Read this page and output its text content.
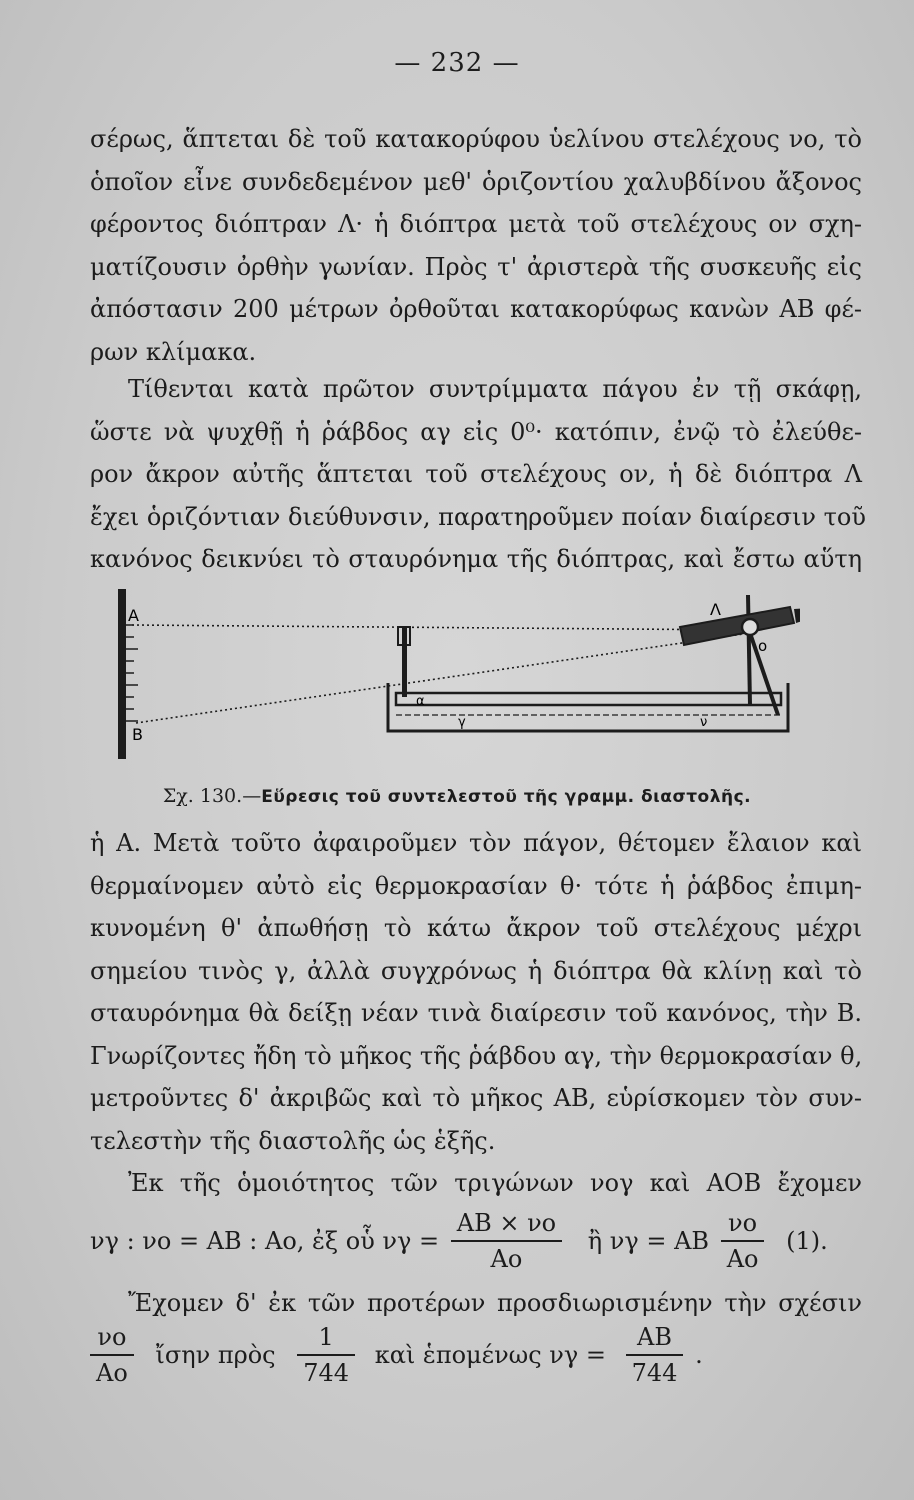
— 232 —
σέρως, ἅπτεται δὲ τοῦ κατακορύφου ὑελίνου στελέχους νο, τὸ
ὁποῖον εἶνε συνδεδεμένον μεθ' ὁριζοντίου χαλυβδίνου ἄξονος
φέροντος διόπτραν Λ· ἡ διόπτρα μετὰ τοῦ στελέχους ον σχη-
ματίζουσιν ὀρθὴν γωνίαν. Πρὸς τ' ἀριστερὰ τῆς συσκευῆς εἰς
ἀπόστασιν 200 μέτρων ὀρθοῦται κατακορύφως κανὼν ΑΒ φέ-
ρων κλίμακα.
Τίθενται κατὰ πρῶτον συντρίμματα πάγου ἐν τῇ σκάφῃ,
ὥστε νὰ ψυχθῇ ἡ ῥάβδος αγ εἰς 0⁰· κατόπιν, ἐνῷ τὸ ἐλεύθε-
ρον ἄκρον αὐτῆς ἅπτεται τοῦ στελέχους ον, ἡ δὲ διόπτρα Λ
ἔχει ὁριζόντιαν διεύθυνσιν, παρατηροῦμεν ποίαν διαίρεσιν τοῦ
κανόνος δεικνύει τὸ σταυρόνημα τῆς διόπτρας, καὶ ἔστω αὕτη
Α
Β
Λ
ο
γ
α
ν
Σχ. 130.—Εὕρεσις τοῦ συντελεστοῦ τῆς γραμμ. διαστολῆς.
ἡ Α. Μετὰ τοῦτο ἀφαιροῦμεν τὸν πάγον, θέτομεν ἔλαιον καὶ
θερμαίνομεν αὐτὸ εἰς θερμοκρασίαν θ· τότε ἡ ῥάβδος ἐπιμη-
κυνομένη θ' ἀπωθήσῃ τὸ κάτω ἄκρον τοῦ στελέχους μέχρι
σημείου τινὸς γ, ἀλλὰ συγχρόνως ἡ διόπτρα θὰ κλίνῃ καὶ τὸ
σταυρόνημα θὰ δείξῃ νέαν τινὰ διαίρεσιν τοῦ κανόνος, τὴν Β.
Γνωρίζοντες ἤδη τὸ μῆκος τῆς ῥάβδου αγ, τὴν θερμοκρασίαν θ,
μετροῦντες δ' ἀκριβῶς καὶ τὸ μῆκος ΑΒ, εὑρίσκομεν τὸν συν-
τελεστὴν τῆς διαστολῆς ὡς ἑξῆς.
Ἐκ τῆς ὁμοιότητος τῶν τριγώνων νογ καὶ ΑΟΒ ἔχομεν
νγ : νο = ΑΒ : Αο, ἐξ οὗ $\nu\gamma = \frac{AB \times \nu o}{Ao}$ ἢ νγ = ΑΒ $\frac{\nu o}{Ao} (1)$.
Ἔχομεν δ' ἐκ τῶν προτέρων προσδιωρισμένην τὴν σχέσιν
$\frac{\nu o}{Ao}$ ἴσην πρὸς $\frac{1}{744}$ καὶ ἑπομένως $\nu\gamma = \frac{AB}{744}$ .
